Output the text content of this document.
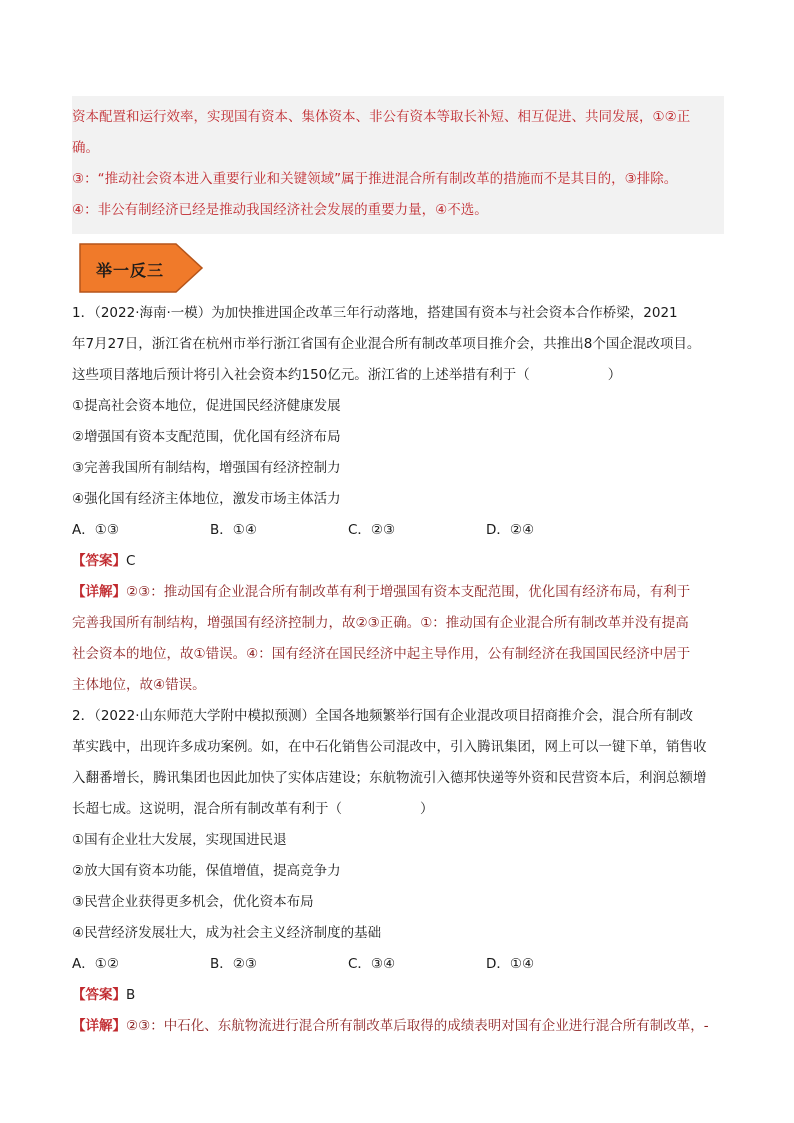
资本配置和运行效率，实现国有资本、集体资本、非公有资本等取长补短、相互促进、共同发展，①②正

确。

③：“推动社会资本进入重要行业和关键领域”属于推进混合所有制改革的措施而不是其目的，③排除。

④：非公有制经济已经是推动我国经济社会发展的重要力量，④不选。

举一反三

1．（2022·海南·一模）为加快推进国企改革三年行动落地，搭建国有资本与社会资本合作桥梁，2021

年7月27日，浙江省在杭州市举行浙江省国有企业混合所有制改革项目推介会，共推出8个国企混改项目。

这些项目落地后预计将引入社会资本约150亿元。浙江省的上述举措有利于（	）

①提高社会资本地位，促进国民经济健康发展

②增强国有资本支配范围，优化国有经济布局

③完善我国所有制结构，增强国有经济控制力

④强化国有经济主体地位，激发市场主体活力

A．①③	B．①④	C．②③	D．②④

【答案】C

【详解】②③：推动国有企业混合所有制改革有利于增强国有资本支配范围，优化国有经济布局，有利于

完善我国所有制结构，增强国有经济控制力，故②③正确。①：推动国有企业混合所有制改革并没有提高

社会资本的地位，故①错误。④：国有经济在国民经济中起主导作用，公有制经济在我国国民经济中居于

主体地位，故④错误。

2．（2022·山东师范大学附中模拟预测）全国各地频繁举行国有企业混改项目招商推介会，混合所有制改

革实践中，出现许多成功案例。如，在中石化销售公司混改中，引入腾讯集团，网上可以一键下单，销售收

入翻番增长，腾讯集团也因此加快了实体店建设；东航物流引入德邦快递等外资和民营资本后，利润总额增

长超七成。这说明，混合所有制改革有利于（	）

①国有企业壮大发展，实现国进民退

②放大国有资本功能，保值增值，提高竞争力

③民营企业获得更多机会，优化资本布局

④民营经济发展壮大，成为社会主义经济制度的基础

A．①②	B．②③	C．③④	D．①④

【答案】B

【详解】②③：中石化、东航物流进行混合所有制改革后取得的成绩表明对国有企业进行混合所有制改革，-
